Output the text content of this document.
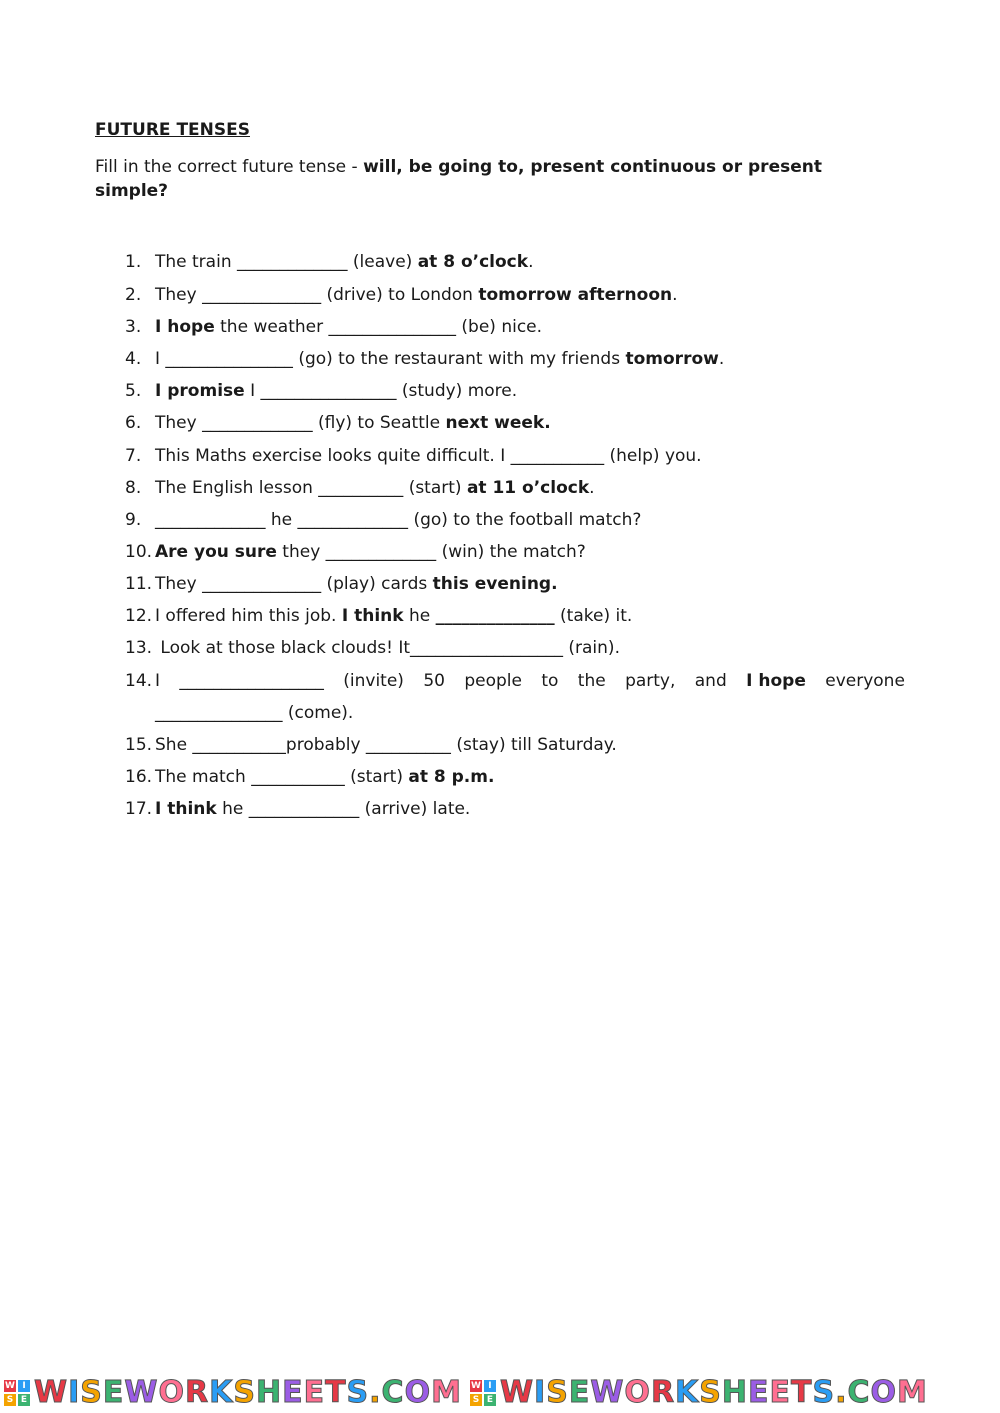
FUTURE TENSES
Fill in the correct future tense - will, be going to, present continuous or present simple?
1. The train _____________ (leave) at 8 o’clock.
2. They ______________ (drive) to London tomorrow afternoon.
3. I hope the weather _______________ (be) nice.
4. I _______________ (go) to the restaurant with my friends tomorrow.
5. I promise I ________________ (study) more.
6. They _____________ (fly) to Seattle next week.
7. This Maths exercise looks quite difficult. I ___________ (help) you.
8. The English lesson __________ (start) at 11 o’clock.
9. _____________ he _____________ (go) to the football match?
10. Are you sure they _____________ (win) the match?
11. They ______________ (play) cards this evening.
12. I offered him this job. I think he ______________ (take) it.
13. Look at those black clouds! It__________________ (rain).
14. I _________________ (invite) 50 people to the party, and I hope everyone
_______________ (come).
15. She ___________probably __________ (stay) till Saturday.
16. The match ___________ (start) at 8 p.m.
17. I think he _____________ (arrive) late.
W I
S E WISEWORKSHEETS.COM W I
S E WISEWORKSHEETS.COM
